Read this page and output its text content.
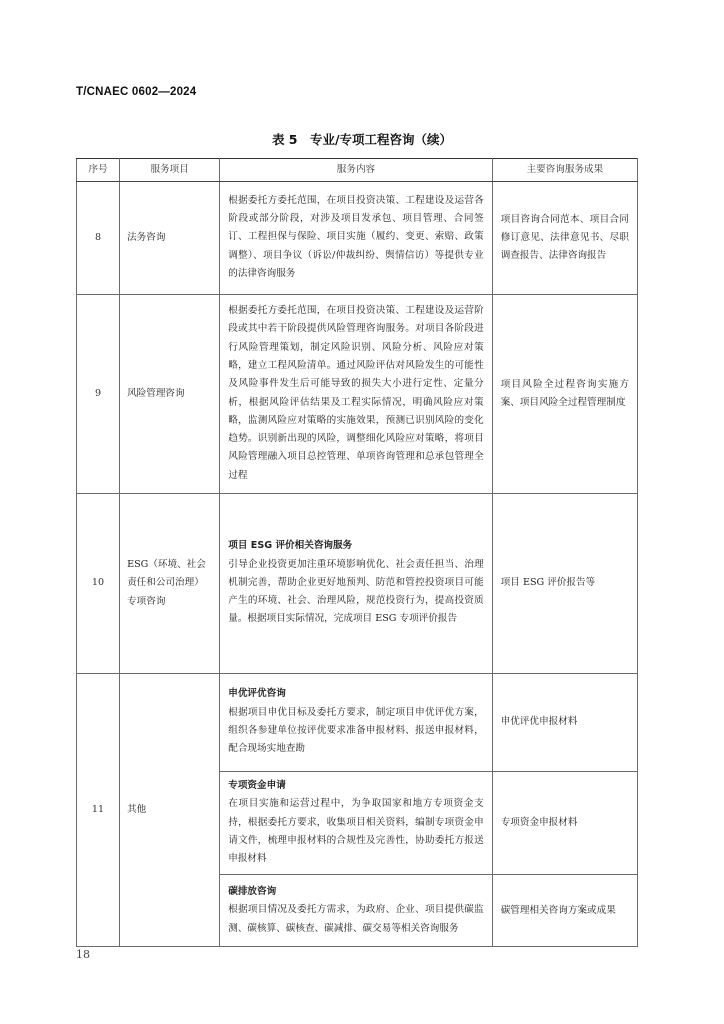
T/CNAEC 0602—2024
表 5　专业/专项工程咨询（续）
序号	服务项目	服务内容	主要咨询服务成果
8	法务咨询	根据委托方委托范围，在项目投资决策、工程建设及运营各阶段或部分阶段，对涉及项目发承包、项目管理、合同签订、工程担保与保险、项目实施（履约、变更、索赔、政策调整）、项目争议（诉讼/仲裁纠纷、舆情信访）等提供专业的法律咨询服务	项目咨询合同范本、项目合同修订意见、法律意见书、尽职调查报告、法律咨询报告
9	风险管理咨询	根据委托方委托范围，在项目投资决策、工程建设及运营阶段或其中若干阶段提供风险管理咨询服务。对项目各阶段进行风险管理策划，制定风险识别、风险分析、风险应对策略，建立工程风险清单。通过风险评估对风险发生的可能性及风险事件发生后可能导致的损失大小进行定性、定量分析，根据风险评估结果及工程实际情况，明确风险应对策略，监测风险应对策略的实施效果，预测已识别风险的变化趋势。识别新出现的风险，调整细化风险应对策略，将项目风险管理融入项目总控管理、单项咨询管理和总承包管理全过程	项目风险全过程咨询实施方案、项目风险全过程管理制度
10	ESG（环境、社会责任和公司治理）专项咨询	项目 ESG 评价相关咨询服务
引导企业投资更加注重环境影响优化、社会责任担当、治理机制完善，帮助企业更好地预判、防范和管控投资项目可能产生的环境、社会、治理风险，规范投资行为，提高投资质量。根据项目实际情况，完成项目 ESG 专项评价报告	项目 ESG 评价报告等
11	其他	申优评优咨询
根据项目申优目标及委托方要求，制定项目申优评优方案，组织各参建单位按评优要求准备申报材料、报送申报材料，配合现场实地查勘	申优评优申报材料

		专项资金申请
在项目实施和运营过程中，为争取国家和地方专项资金支持，根据委托方要求，收集项目相关资料，编制专项资金申请文件，梳理申报材料的合规性及完善性，协助委托方报送申报材料	专项资金申报材料

		碳排放咨询
根据项目情况及委托方需求，为政府、企业、项目提供碳监测、碳核算、碳核查、碳减排、碳交易等相关咨询服务	碳管理相关咨询方案或成果
18
